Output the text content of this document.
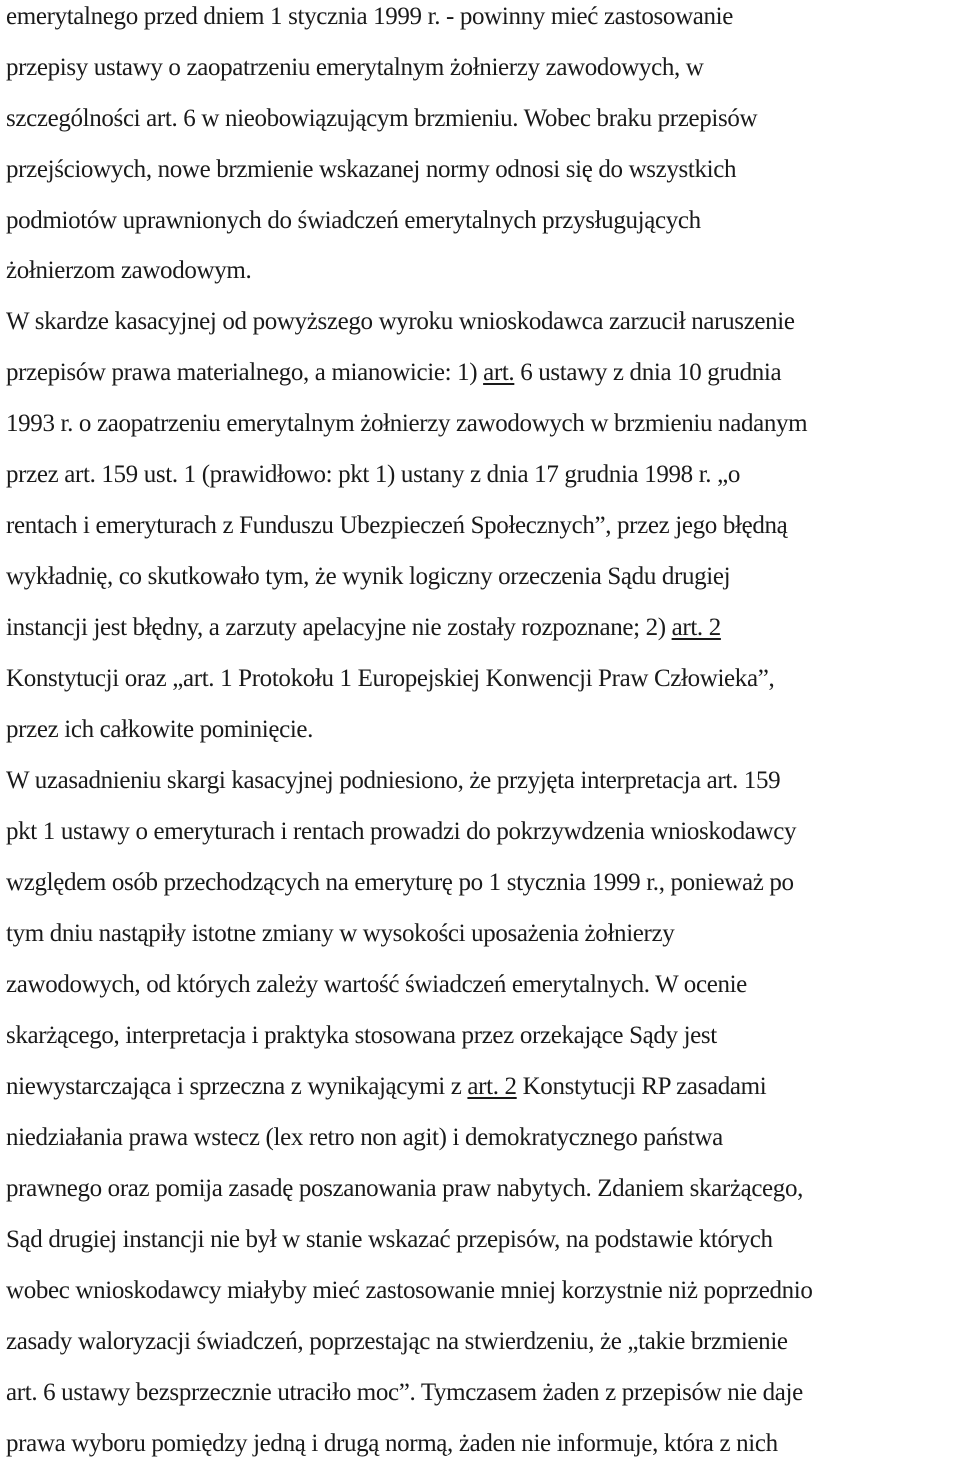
emerytalnego przed dniem 1 stycznia 1999 r. - powinny mieć zastosowanie
przepisy ustawy o zaopatrzeniu emerytalnym żołnierzy zawodowych, w
szczególności art. 6 w nieobowiązującym brzmieniu. Wobec braku przepisów
przejściowych, nowe brzmienie wskazanej normy odnosi się do wszystkich
podmiotów uprawnionych do świadczeń emerytalnych przysługujących
żołnierzom zawodowym.
W skardze kasacyjnej od powyższego wyroku wnioskodawca zarzucił naruszenie
przepisów prawa materialnego, a mianowicie: 1) art. 6 ustawy z dnia 10 grudnia
1993 r. o zaopatrzeniu emerytalnym żołnierzy zawodowych w brzmieniu nadanym
przez art. 159 ust. 1 (prawidłowo: pkt 1) ustany z dnia 17 grudnia 1998 r. „o
rentach i emeryturach z Funduszu Ubezpieczeń Społecznych”, przez jego błędną
wykładnię, co skutkowało tym, że wynik logiczny orzeczenia Sądu drugiej
instancji jest błędny, a zarzuty apelacyjne nie zostały rozpoznane; 2) art. 2
Konstytucji oraz „art. 1 Protokołu 1 Europejskiej Konwencji Praw Człowieka”,
przez ich całkowite pominięcie.
W uzasadnieniu skargi kasacyjnej podniesiono, że przyjęta interpretacja art. 159
pkt 1 ustawy o emeryturach i rentach prowadzi do pokrzywdzenia wnioskodawcy
względem osób przechodzących na emeryturę po 1 stycznia 1999 r., ponieważ po
tym dniu nastąpiły istotne zmiany w wysokości uposażenia żołnierzy
zawodowych, od których zależy wartość świadczeń emerytalnych. W ocenie
skarżącego, interpretacja i praktyka stosowana przez orzekające Sądy jest
niewystarczająca i sprzeczna z wynikającymi z art. 2 Konstytucji RP zasadami
niedziałania prawa wstecz (lex retro non agit) i demokratycznego państwa
prawnego oraz pomija zasadę poszanowania praw nabytych. Zdaniem skarżącego,
Sąd drugiej instancji nie był w stanie wskazać przepisów, na podstawie których
wobec wnioskodawcy miałyby mieć zastosowanie mniej korzystnie niż poprzednio
zasady waloryzacji świadczeń, poprzestając na stwierdzeniu, że „takie brzmienie
art. 6 ustawy bezsprzecznie utraciło moc”. Tymczasem żaden z przepisów nie daje
prawa wyboru pomiędzy jedną i drugą normą, żaden nie informuje, która z nich
